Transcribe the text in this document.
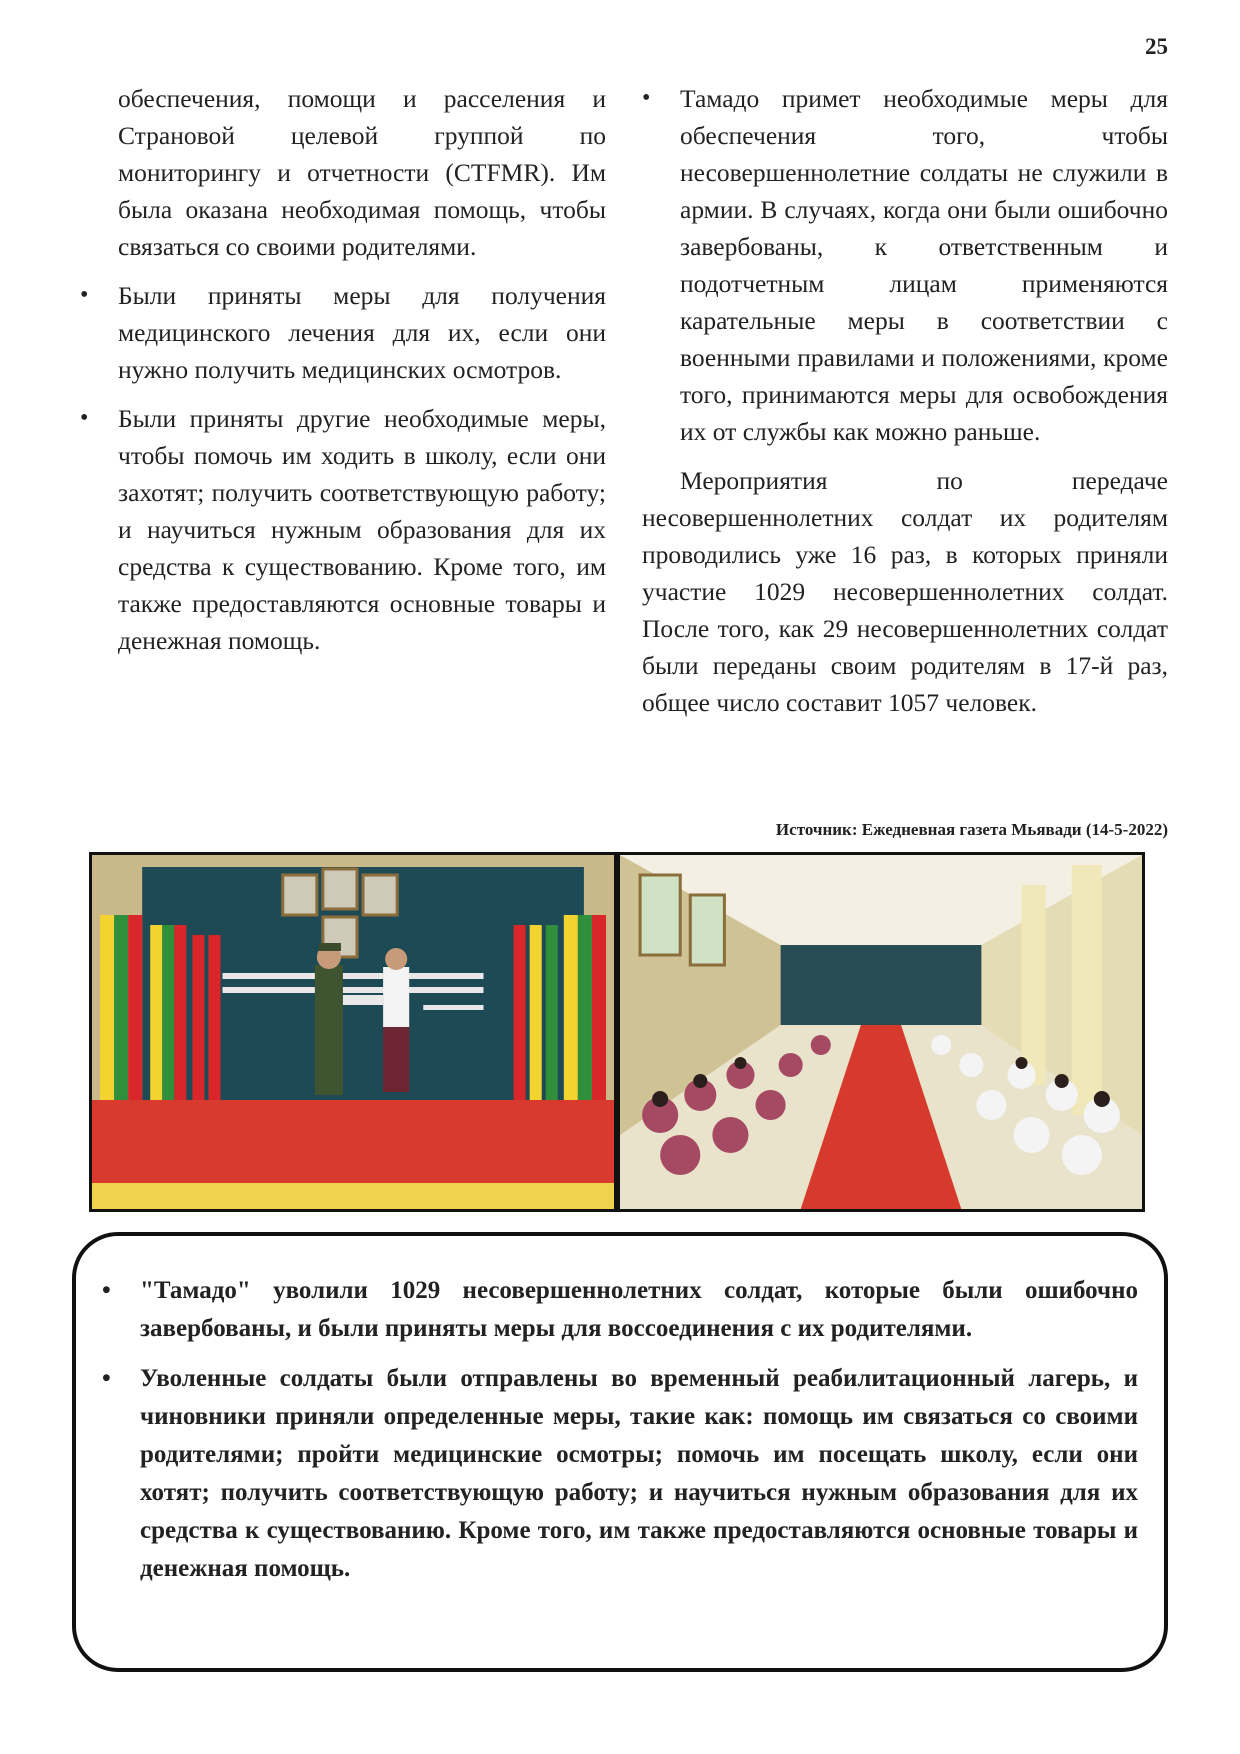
25

обеспечения, помощи и расселения и Страновой целевой группой по мониторингу и отчетности (CTFMR). Им была оказана необходимая помощь, чтобы связаться со своими родителями.

• Были приняты меры для получения медицинского лечения для их, если они нужно получить медицинских осмотров.

• Были приняты другие необходимые меры, чтобы помочь им ходить в школу, если они захотят; получить соответствующую работу; и научиться нужным образования для их средства к существованию. Кроме того, им также предоставляются основные товары и денежная помощь.

• Тамадо примет необходимые меры для обеспечения того, чтобы несовершеннолетние солдаты не служили в армии. В случаях, когда они были ошибочно завербованы, к ответственным и подотчетным лицам применяются карательные меры в соответствии с военными правилами и положениями, кроме того, принимаются меры для освобождения их от службы как можно раньше.

Мероприятия по передаче несовершеннолетних солдат их родителям проводились уже 16 раз, в которых приняли участие 1029 несовершеннолетних солдат. После того, как 29 несовершеннолетних солдат были переданы своим родителям в 17-й раз, общее число составит 1057 человек.

Источник: Ежедневная газета Мьявади (14-5-2022)
• "Тамадо" уволили 1029 несовершеннолетних солдат, которые были ошибочно завербованы, и были приняты меры для воссоединения с их родителями.
• Уволенные солдаты были отправлены во временный реабилитационный лагерь, и чиновники приняли определенные меры, такие как: помощь им связаться со своими родителями; пройти медицинские осмотры; помочь им посещать школу, если они хотят; получить соответствующую работу; и научиться нужным образования для их средства к существованию. Кроме того, им также предоставляются основные товары и денежная помощь.
